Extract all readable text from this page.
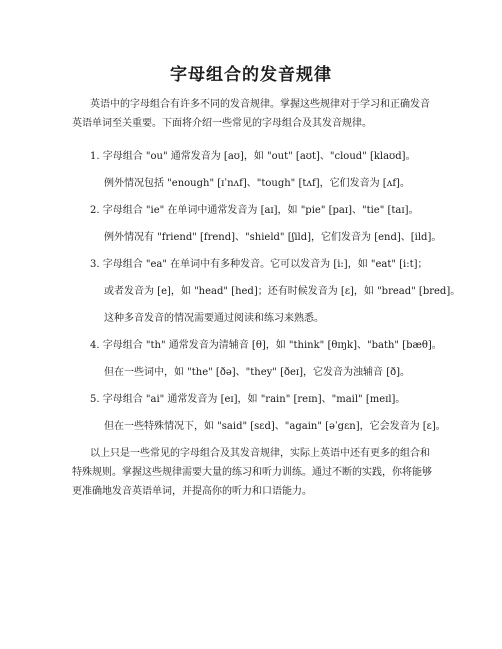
字母组合的发音规律
英语中的字母组合有许多不同的发音规律。掌握这些规律对于学习和正确发音
英语单词至关重要。下面将介绍一些常见的字母组合及其发音规律。
1. 字母组合 "ou" 通常发音为 [aʊ]，如 "out" [aʊt]、"cloud" [klaʊd]。
例外情况包括 "enough" [ɪˈnʌf]、"tough" [tʌf]，它们发音为 [ʌf]。
2. 字母组合 "ie" 在单词中通常发音为 [aɪ]，如 "pie" [paɪ]、"tie" [taɪ]。
例外情况有 "friend" [frend]、"shield" [ʃild]，它们发音为 [end]、[ild]。
3. 字母组合 "ea" 在单词中有多种发音。它可以发音为 [i:]，如 "eat" [i:t]；
或者发音为 [e]，如 "head" [hed]；还有时候发音为 [ɛ]，如 "bread" [bred]。
这种多音发音的情况需要通过阅读和练习来熟悉。
4. 字母组合 "th" 通常发音为清辅音 [θ]，如 "think" [θɪŋk]、"bath" [bæθ]。
但在一些词中，如 "the" [ðə]、"they" [ðeɪ]，它发音为浊辅音 [ð]。
5. 字母组合 "ai" 通常发音为 [eɪ]，如 "rain" [reɪn]、"mail" [meɪl]。
但在一些特殊情况下，如 "said" [sɛd]、"again" [əˈgɛn]，它会发音为 [ɛ]。
以上只是一些常见的字母组合及其发音规律，实际上英语中还有更多的组合和
特殊规则。掌握这些规律需要大量的练习和听力训练。通过不断的实践，你将能够
更准确地发音英语单词，并提高你的听力和口语能力。
